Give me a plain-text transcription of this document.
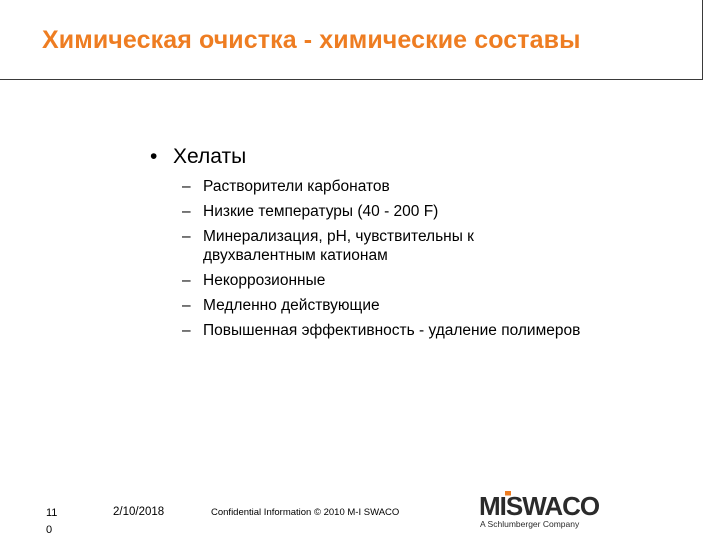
Химическая очистка - химические составы
• Хелаты
– Растворители карбонатов
– Низкие температуры (40 - 200 F)
– Минерализация, pH, чувствительны к двухвалентным катионам
– Некоррозионные
– Медленно действующие
– Повышенная эффективность - удаление полимеров
11
0
2/10/2018	Confidential Information © 2010 M-I SWACO	MISWACO
A Schlumberger Company
